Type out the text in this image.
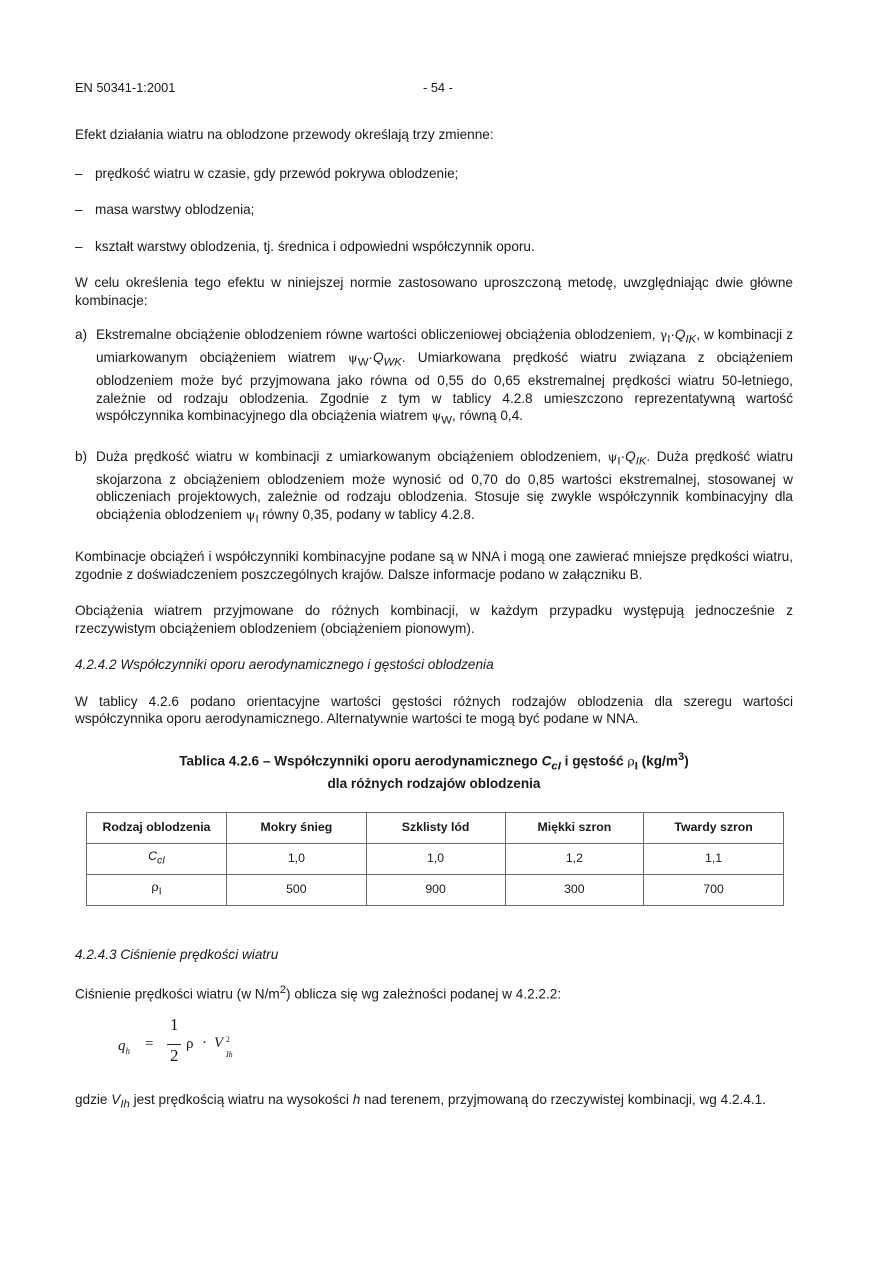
EN 50341-1:2001	- 54 -

Efekt działania wiatru na oblodzone przewody określają trzy zmienne:

– prędkość wiatru w czasie, gdy przewód pokrywa oblodzenie;
– masa warstwy oblodzenia;
– kształt warstwy oblodzenia, tj. średnica i odpowiedni współczynnik oporu.

W celu określenia tego efektu w niniejszej normie zastosowano uproszczoną metodę, uwzględniając dwie główne kombinacje:

a) Ekstremalne obciążenie oblodzeniem równe wartości obliczeniowej obciążenia oblodzeniem, $\gamma_I\cdot Q_{IK}$, w kombinacji z umiarkowanym obciążeniem wiatrem $\psi_W\cdot Q_{WK}$. Umiarkowana prędkość wiatru związana z obciążeniem oblodzeniem może być przyjmowana jako równa od 0,55 do 0,65 ekstremalnej prędkości wiatru 50-letniego, zależnie od rodzaju oblodzenia. Zgodnie z tym w tablicy 4.2.8 umieszczono reprezentatywną wartość współczynnika kombinacyjnego dla obciążenia wiatrem $\psi_W$, równą 0,4.
b) Duża prędkość wiatru w kombinacji z umiarkowanym obciążeniem oblodzeniem, $\psi_I\cdot Q_{IK}$. Duża prędkość wiatru skojarzona z obciążeniem oblodzeniem może wynosić od 0,70 do 0,85 wartości ekstremalnej, stosowanej w obliczeniach projektowych, zależnie od rodzaju oblodzenia. Stosuje się zwykle współczynnik kombinacyjny dla obciążenia oblodzeniem $\psi_I$ równy 0,35, podany w tablicy 4.2.8.

Kombinacje obciążeń i współczynniki kombinacyjne podane są w NNA i mogą one zawierać mniejsze prędkości wiatru, zgodnie z doświadczeniem poszczególnych krajów. Dalsze informacje podano w załączniku B.

Obciążenia wiatrem przyjmowane do różnych kombinacji, w każdym przypadku występują jednocześnie z rzeczywistym obciążeniem oblodzeniem (obciążeniem pionowym).

4.2.4.2 Współczynniki oporu aerodynamicznego i gęstości oblodzenia

W tablicy 4.2.6 podano orientacyjne wartości gęstości różnych rodzajów oblodzenia dla szeregu wartości współczynnika oporu aerodynamicznego. Alternatywnie wartości te mogą być podane w NNA.

Tablica 4.2.6 – Współczynniki oporu aerodynamicznego $C_{cI}$ i gęstość $\rho_I$ $(kg/m^3)$
dla różnych rodzajów oblodzenia
Rodzaj oblodzenia	Mokry śnieg	Szklisty lód	Miękki szron	Twardy szron
$C_{cI}$	1,0	1,0	1,2	1,1
$\rho_I$	500	900	300	700

4.2.4.3 Ciśnienie prędkości wiatru

Ciśnienie prędkości wiatru (w $N/m^2$) oblicza się wg zależności podanej w 4.2.2.2:

$q_h$ =
1
2
ρ · V 2
Ih

gdzie $V_{Ih}$ jest prędkością wiatru na wysokości h nad terenem, przyjmowaną do rzeczywistej kombinacji, wg 4.2.4.1.
